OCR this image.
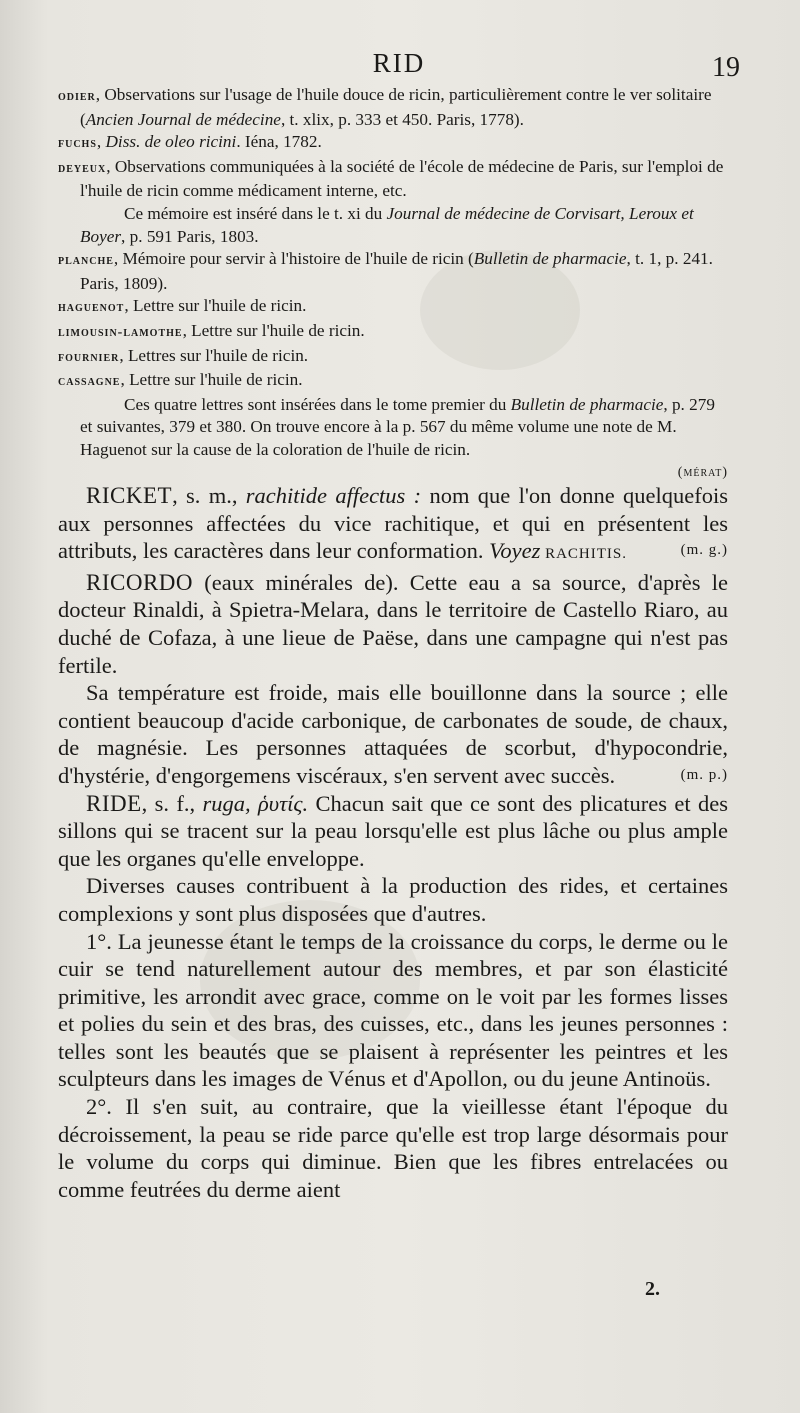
RID	19

odier, Observations sur l'usage de l'huile douce de ricin, particulièrement contre le ver solitaire (Ancien Journal de médecine, t. xlix, p. 333 et 450. Paris, 1778).

fuchs, Diss. de oleo ricini. Iéna, 1782.

deyeux, Observations communiquées à la société de l'école de médecine de Paris, sur l'emploi de l'huile de ricin comme médicament interne, etc.

Ce mémoire est inséré dans le t. xi du Journal de médecine de Corvisart, Leroux et Boyer, p. 591 Paris, 1803.

planche, Mémoire pour servir à l'histoire de l'huile de ricin (Bulletin de pharmacie, t. 1, p. 241. Paris, 1809).

haguenot, Lettre sur l'huile de ricin.

limousin-lamothe, Lettre sur l'huile de ricin.

fournier, Lettres sur l'huile de ricin.

cassagne, Lettre sur l'huile de ricin.

Ces quatre lettres sont insérées dans le tome premier du Bulletin de pharmacie, p. 279 et suivantes, 379 et 380. On trouve encore à la p. 567 du même volume une note de M. Haguenot sur la cause de la coloration de l'huile de ricin.

(mérat)

RICKET, s. m., rachitide affectus : nom que l'on donne quelquefois aux personnes affectées du vice rachitique, et qui en présentent les attributs, les caractères dans leur conformation. Voyez RACHITIS.	(m. g.)

RICORDO (eaux minérales de). Cette eau a sa source, d'après le docteur Rinaldi, à Spietra-Melara, dans le territoire de Castello Riaro, au duché de Cofaza, à une lieue de Paëse, dans une campagne qui n'est pas fertile.

Sa température est froide, mais elle bouillonne dans la source ; elle contient beaucoup d'acide carbonique, de carbonates de soude, de chaux, de magnésie. Les personnes attaquées de scorbut, d'hypocondrie, d'hystérie, d'engorgemens viscéraux, s'en servent avec succès.	(m. p.)

RIDE, s. f., ruga, ῥυτίς. Chacun sait que ce sont des plicatures et des sillons qui se tracent sur la peau lorsqu'elle est plus lâche ou plus ample que les organes qu'elle enveloppe.

Diverses causes contribuent à la production des rides, et certaines complexions y sont plus disposées que d'autres.

1°. La jeunesse étant le temps de la croissance du corps, le derme ou le cuir se tend naturellement autour des membres, et par son élasticité primitive, les arrondit avec grace, comme on le voit par les formes lisses et polies du sein et des bras, des cuisses, etc., dans les jeunes personnes : telles sont les beautés que se plaisent à représenter les peintres et les sculpteurs dans les images de Vénus et d'Apollon, ou du jeune Antinoüs.

2°. Il s'en suit, au contraire, que la vieillesse étant l'époque du décroissement, la peau se ride parce qu'elle est trop large désormais pour le volume du corps qui diminue. Bien que les fibres entrelacées ou comme feutrées du derme aient

2.
